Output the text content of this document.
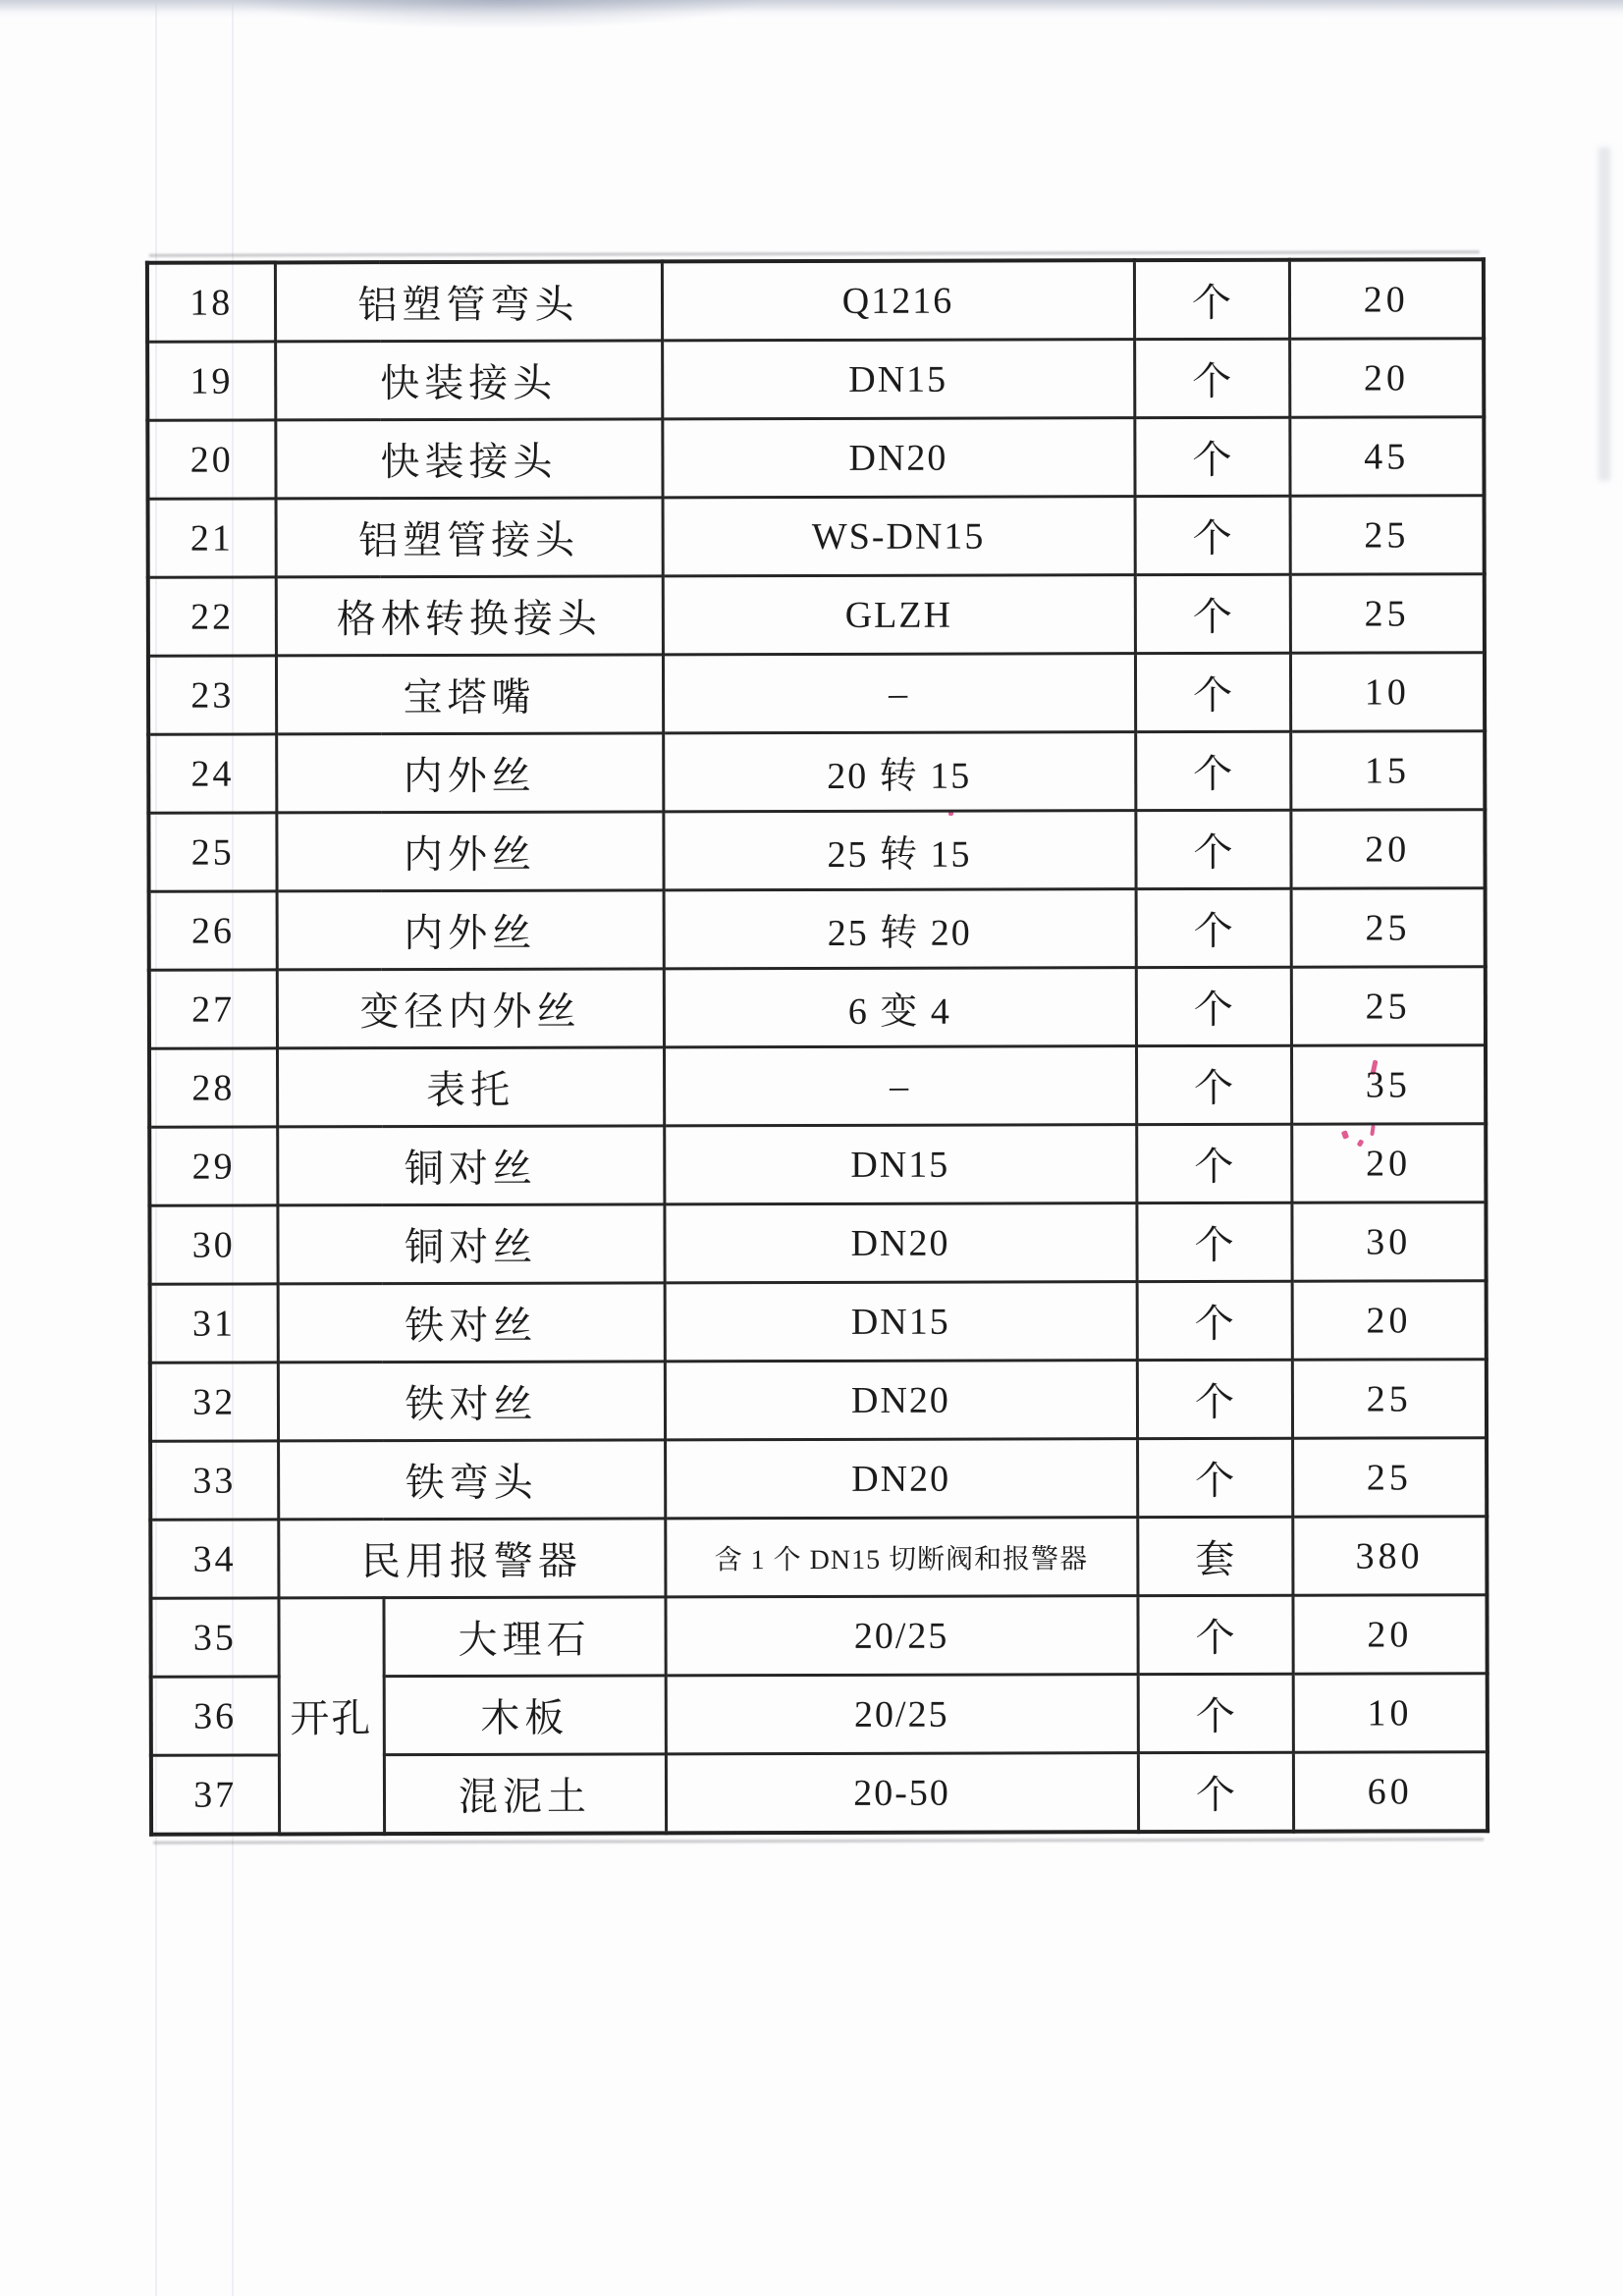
18	铝塑管弯头		Q1216	个	20
19	快装接头		DN15	个	20
20	快装接头		DN20	个	45
21	铝塑管接头		WS-DN15	个	25
22	格林转换接头		GLZH	个	25
23	宝塔嘴		–	个	10
24	内外丝		20 转 15	个	15
25	内外丝		25 转 15	个	20
26	内外丝		25 转 20	个	25
27	变径内外丝		6 变 4	个	25
28	表托		–	个	35
29	铜对丝		DN15	个	20
30	铜对丝		DN20	个	30
31	铁对丝		DN15	个	20
32	铁对丝		DN20	个	25
33	铁弯头		DN20	个	25
34	民用报警器		含 1 个 DN15 切断阀和报警器	套	380
35	开孔	大理石	20/25	个	20
36		木板	20/25	个	10
37		混泥土	20-50	个	60
